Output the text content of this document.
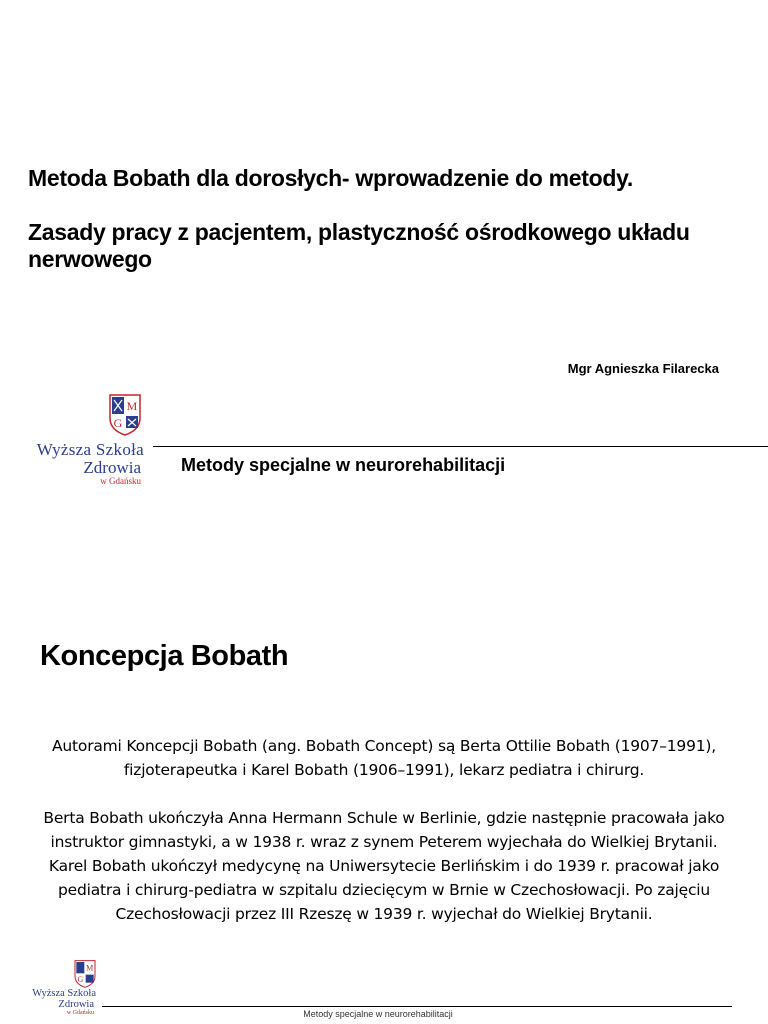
Metoda Bobath dla dorosłych- wprowadzenie do metody.

Zasady pracy z pacjentem, plastyczność ośrodkowego układu nerwowego

Mgr Agnieszka Filarecka
M
G
Wyższa Szkoła
Zdrowia
w Gdańsku
Metody specjalne w neurorehabilitacji
Koncepcja Bobath

Autorami Koncepcji Bobath (ang. Bobath Concept) są Berta Ottilie Bobath (1907–1991), fizjoterapeutka i Karel Bobath (1906–1991), lekarz pediatra i chirurg.

Berta Bobath ukończyła Anna Hermann Schule w Berlinie, gdzie następnie pracowała jako instruktor gimnastyki, a w 1938 r. wraz z synem Peterem wyjechała do Wielkiej Brytanii. Karel Bobath ukończył medycynę na Uniwersytecie Berlińskim i do 1939 r. pracował jako pediatra i chirurg-pediatra w szpitalu dziecięcym w Brnie w Czechosłowacji. Po zajęciu Czechosłowacji przez III Rzeszę w 1939 r. wyjechał do Wielkiej Brytanii.

M
G
Wyższa Szkoła
Zdrowia
w Gdańsku	Metody specjalne w neurorehabilitacji
